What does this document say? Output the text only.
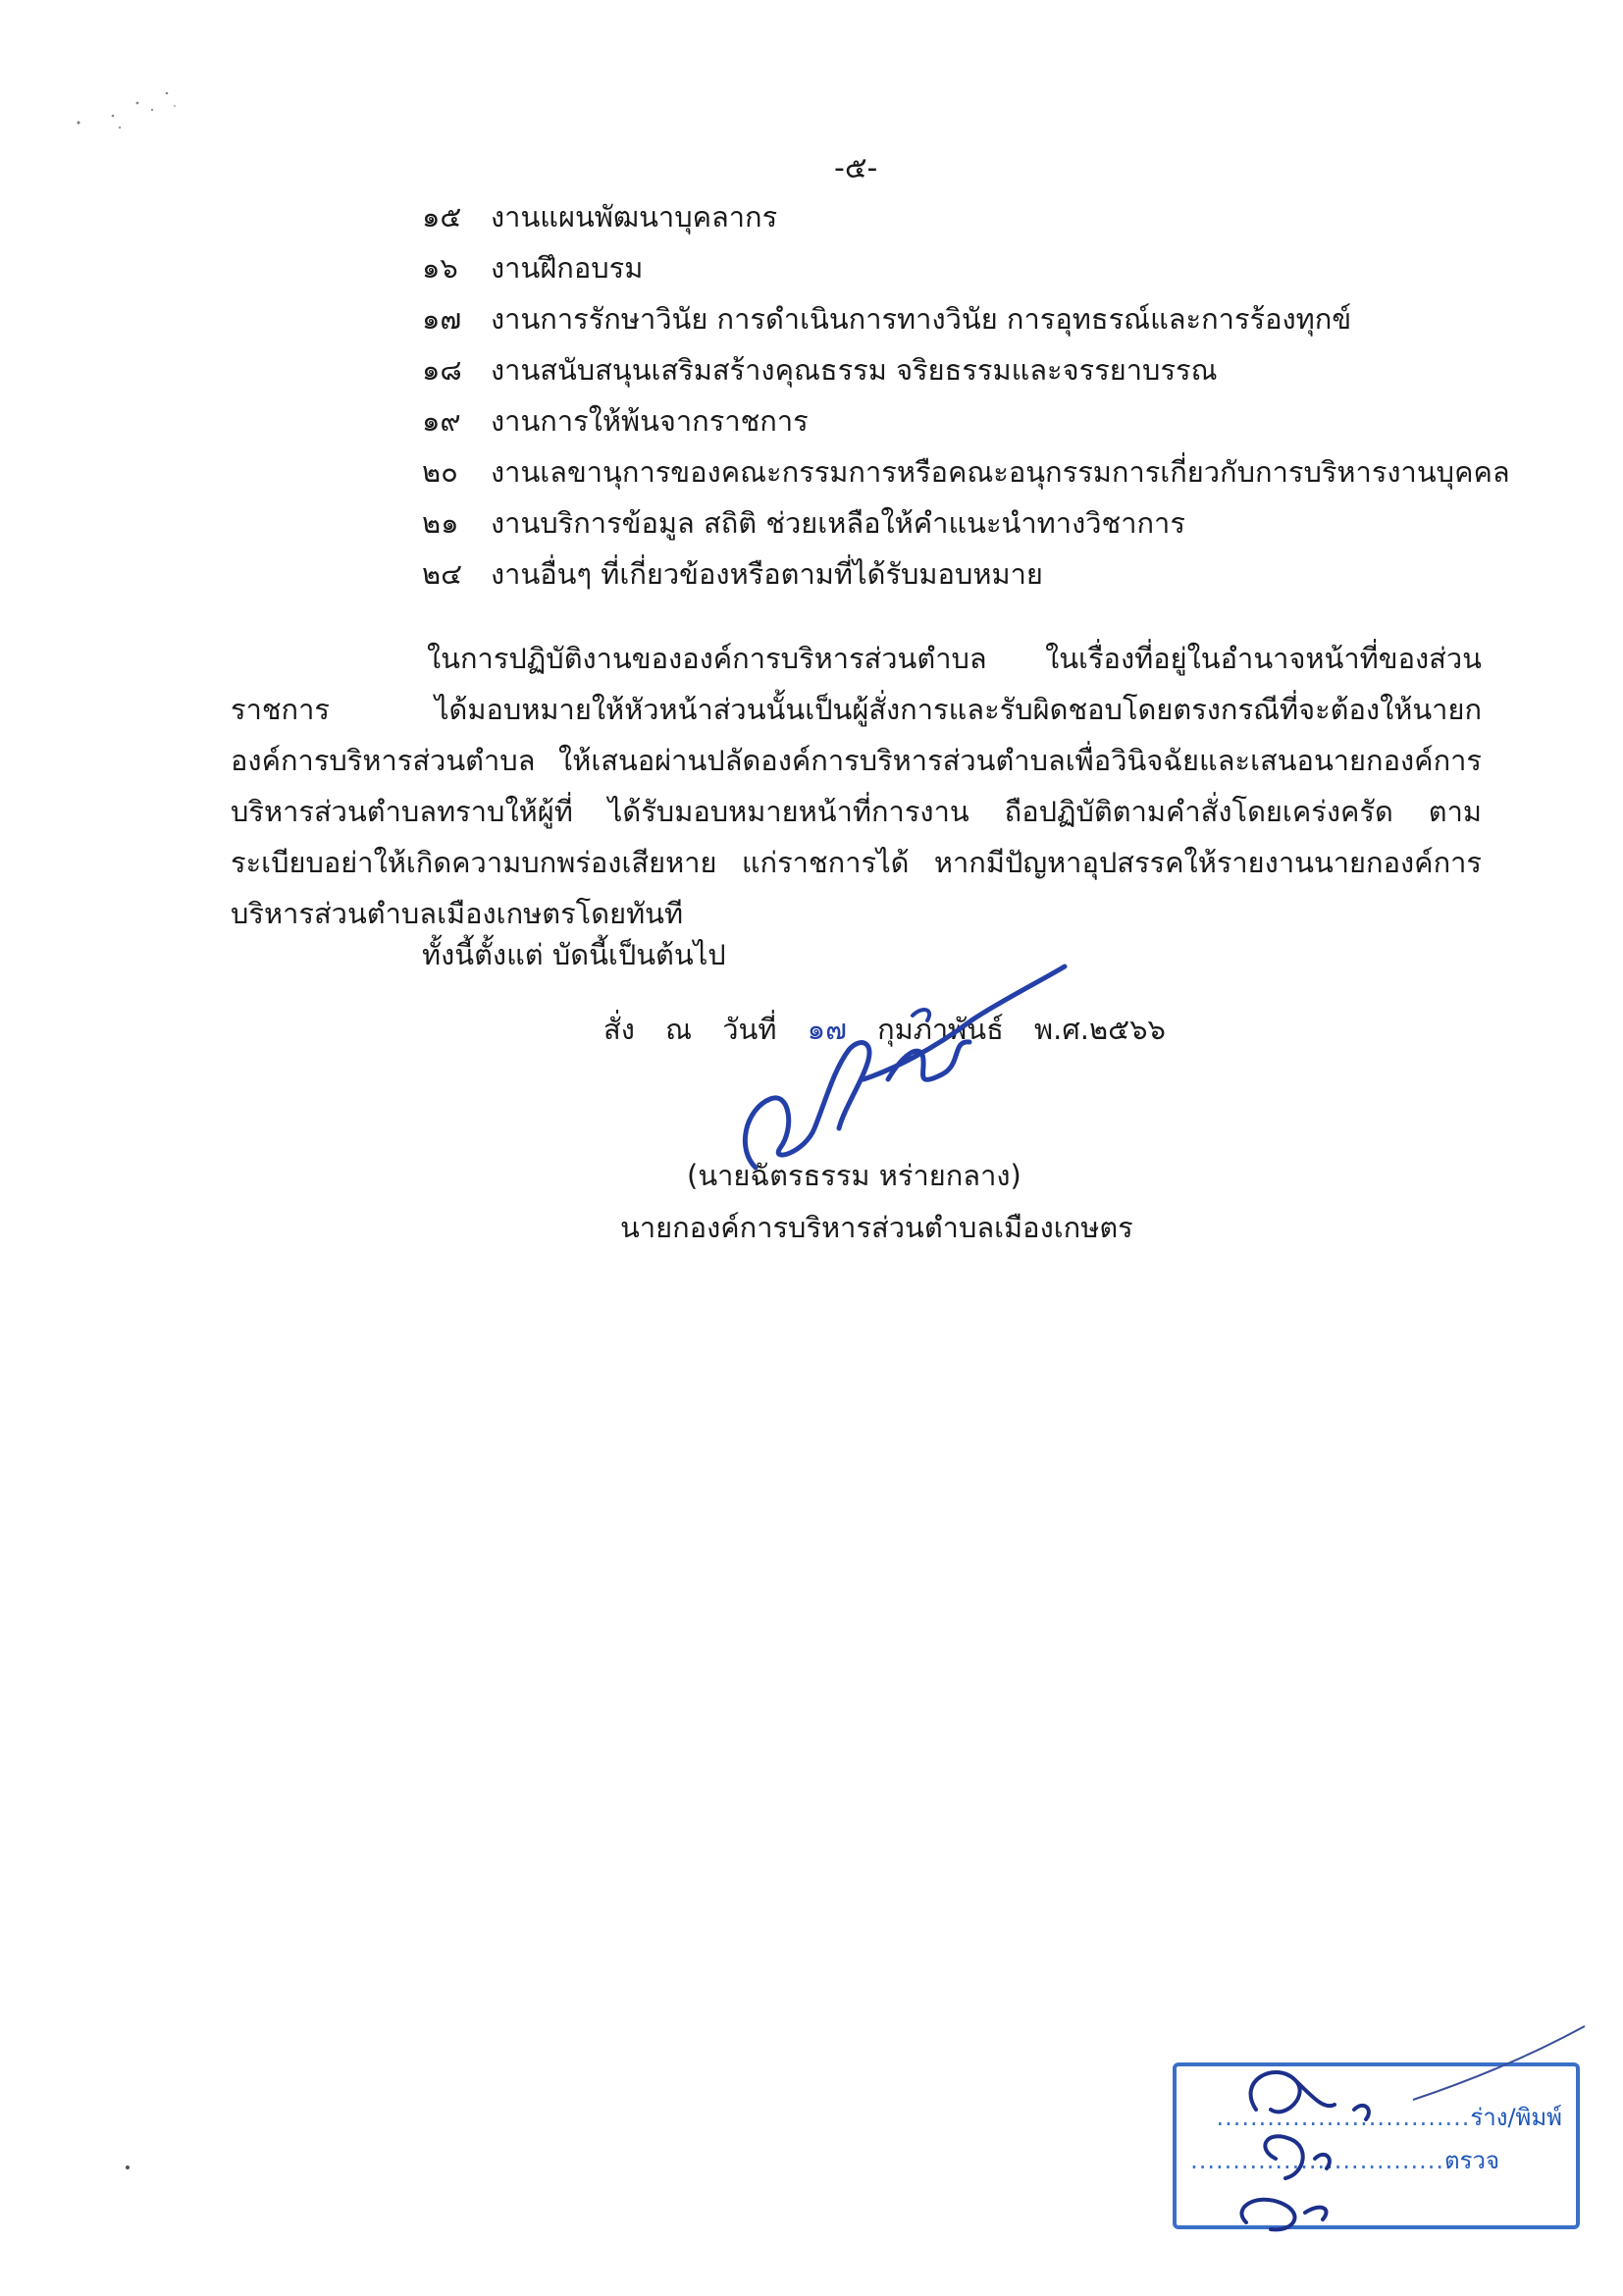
-๕-
๑๕ งานแผนพัฒนาบุคลากร
๑๖ งานฝึกอบรม
๑๗ งานการรักษาวินัย การดำเนินการทางวินัย การอุทธรณ์และการร้องทุกข์
๑๘ งานสนับสนุนเสริมสร้างคุณธรรม จริยธรรมและจรรยาบรรณ
๑๙ งานการให้พ้นจากราชการ
๒๐ งานเลขานุการของคณะกรรมการหรือคณะอนุกรรมการเกี่ยวกับการบริหารงานบุคคล
๒๑ งานบริการข้อมูล สถิติ ช่วยเหลือให้คำแนะนำทางวิชาการ
๒๔ งานอื่นๆ ที่เกี่ยวข้องหรือตามที่ได้รับมอบหมาย
ในการปฏิบัติงานขององค์การบริหารส่วนตำบล ในเรื่องที่อยู่ในอำนาจหน้าที่ของส่วนราชการ ได้มอบหมายให้หัวหน้าส่วนนั้นเป็นผู้สั่งการและรับผิดชอบโดยตรงกรณีที่จะต้องให้นายกองค์การบริหารส่วนตำบล ให้เสนอผ่านปลัดองค์การบริหารส่วนตำบลเพื่อวินิจฉัยและเสนอนายกองค์การบริหารส่วนตำบลทราบให้ผู้ที่ ได้รับมอบหมายหน้าที่การงาน ถือปฏิบัติตามคำสั่งโดยเคร่งครัด ตามระเบียบอย่าให้เกิดความบกพร่องเสียหาย แก่ราชการได้ หากมีปัญหาอุปสรรคให้รายงานนายกองค์การบริหารส่วนตำบลเมืองเกษตรโดยทันที
ทั้งนี้ตั้งแต่ บัดนี้เป็นต้นไป
สั่ง ณ วันที่ ๑๗ กุมภาพันธ์ พ.ศ.๒๕๖๖
(นายฉัตรธรรม หร่ายกลาง)
นายกองค์การบริหารส่วนตำบลเมืองเกษตร
..............................ร่าง/พิมพ์
..............................ตรวจ
